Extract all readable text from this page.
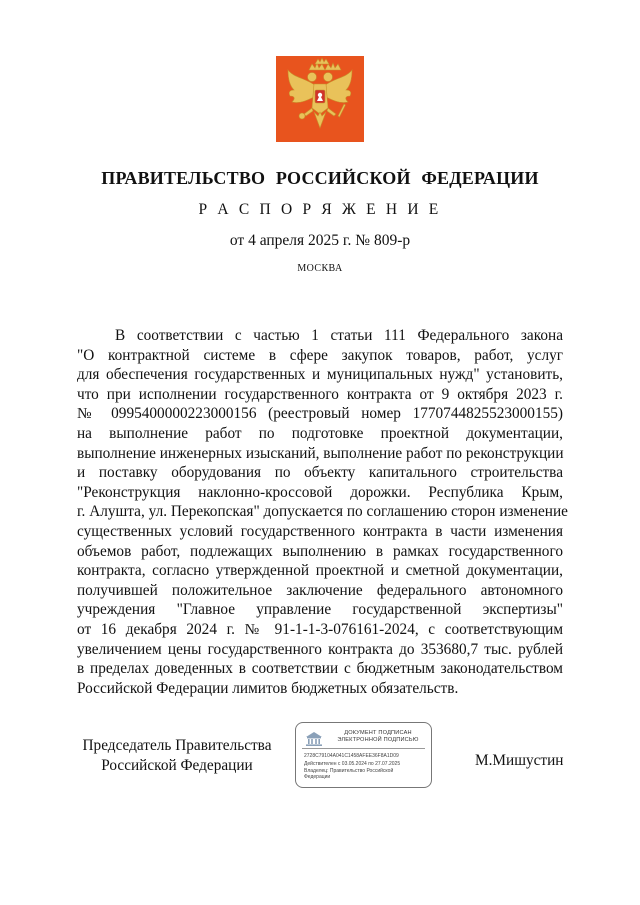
ПРАВИТЕЛЬСТВО РОССИЙСКОЙ ФЕДЕРАЦИИ
Р А С П О Р Я Ж Е Н И Е
от 4 апреля 2025 г. № 809-р
МОСКВА
В соответствии с частью 1 статьи 111 Федерального закона
"О контрактной системе в сфере закупок товаров, работ, услуг
для обеспечения государственных и муниципальных нужд" установить,
что при исполнении государственного контракта от 9 октября 2023 г.
№ 0995400000223000156 (реестровый номер 1770744825523000155)
на выполнение работ по подготовке проектной документации,
выполнение инженерных изысканий, выполнение работ по реконструкции
и поставку оборудования по объекту капитального строительства
"Реконструкция наклонно-кроссовой дорожки. Республика Крым,
г. Алушта, ул. Перекопская" допускается по соглашению сторон изменение
существенных условий государственного контракта в части изменения
объемов работ, подлежащих выполнению в рамках государственного
контракта, согласно утвержденной проектной и сметной документации,
получившей положительное заключение федерального автономного
учреждения "Главное управление государственной экспертизы"
от 16 декабря 2024 г. № 91-1-1-3-076161-2024, с соответствующим
увеличением цены государственного контракта до 353680,7 тыс. рублей
в пределах доведенных в соответствии с бюджетным законодательством
Российской Федерации лимитов бюджетных обязательств.
Председатель Правительства
Российской Федерации
ДОКУМЕНТ ПОДПИСАН
ЭЛЕКТРОННОЙ ПОДПИСЬЮ
2728C79104A041C1458AFEE36F8A1D09
Действителен с 03.05.2024 по 27.07.2025
Владелец: Правительство Российской
Федерации
М.Мишустин
